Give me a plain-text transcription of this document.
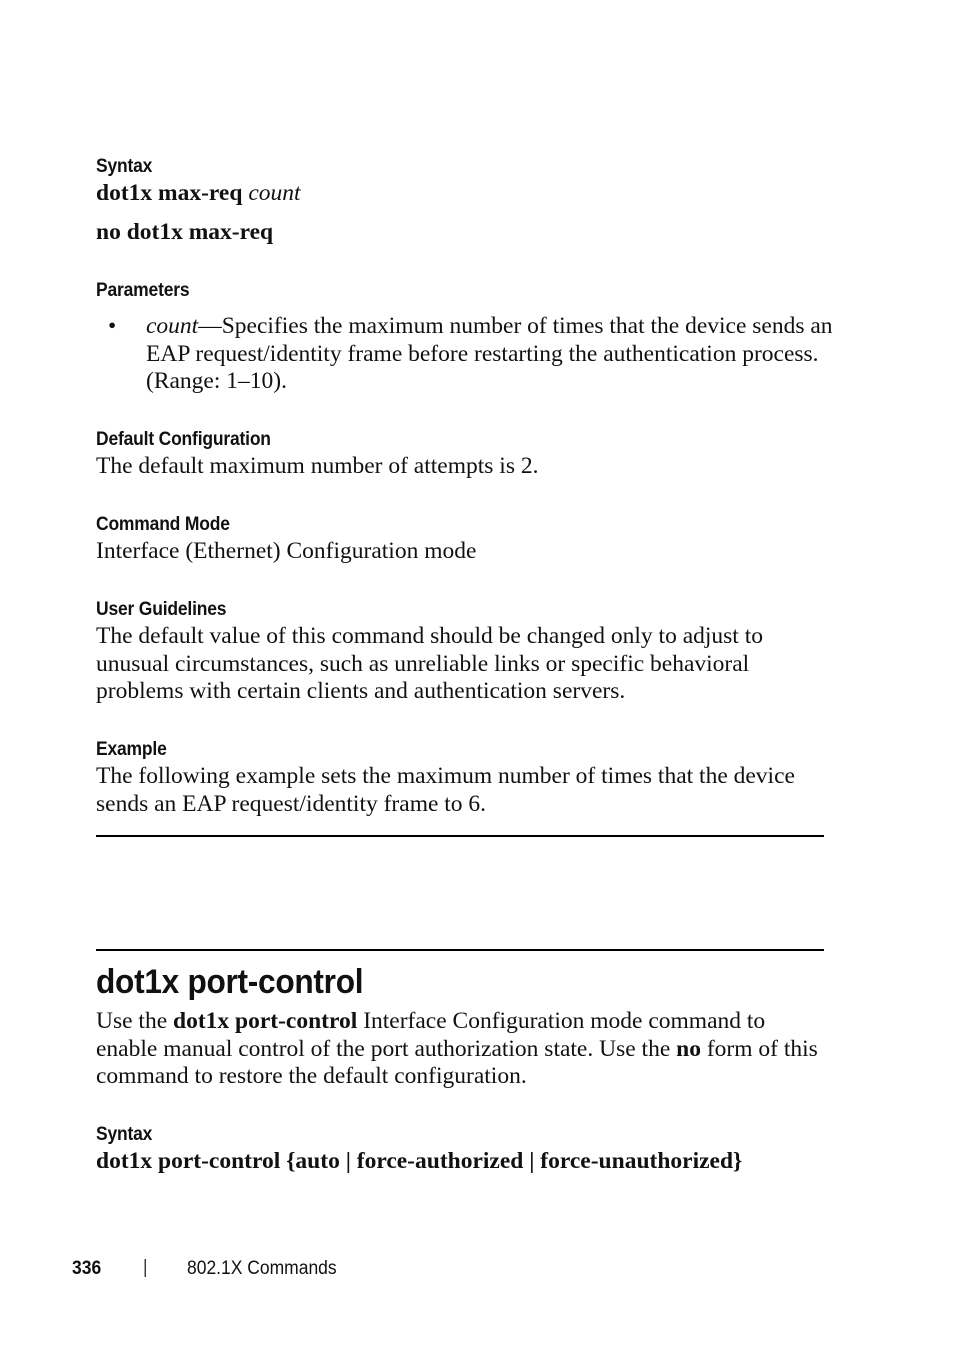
Syntax
dot1x max-req count
no dot1x max-req
Parameters
• count—Specifies the maximum number of times that the device sends an
EAP request/identity frame before restarting the authentication process.
(Range: 1–10).
Default Configuration
The default maximum number of attempts is 2.
Command Mode
Interface (Ethernet) Configuration mode
User Guidelines
The default value of this command should be changed only to adjust to
unusual circumstances, such as unreliable links or specific behavioral
problems with certain clients and authentication servers.
Example
The following example sets the maximum number of times that the device
sends an EAP request/identity frame to 6.
dot1x port-control
Use the dot1x port-control Interface Configuration mode command to
enable manual control of the port authorization state. Use the no form of this
command to restore the default configuration.
Syntax
dot1x port-control {auto | force-authorized | force-unauthorized}
336 | 802.1X Commands
